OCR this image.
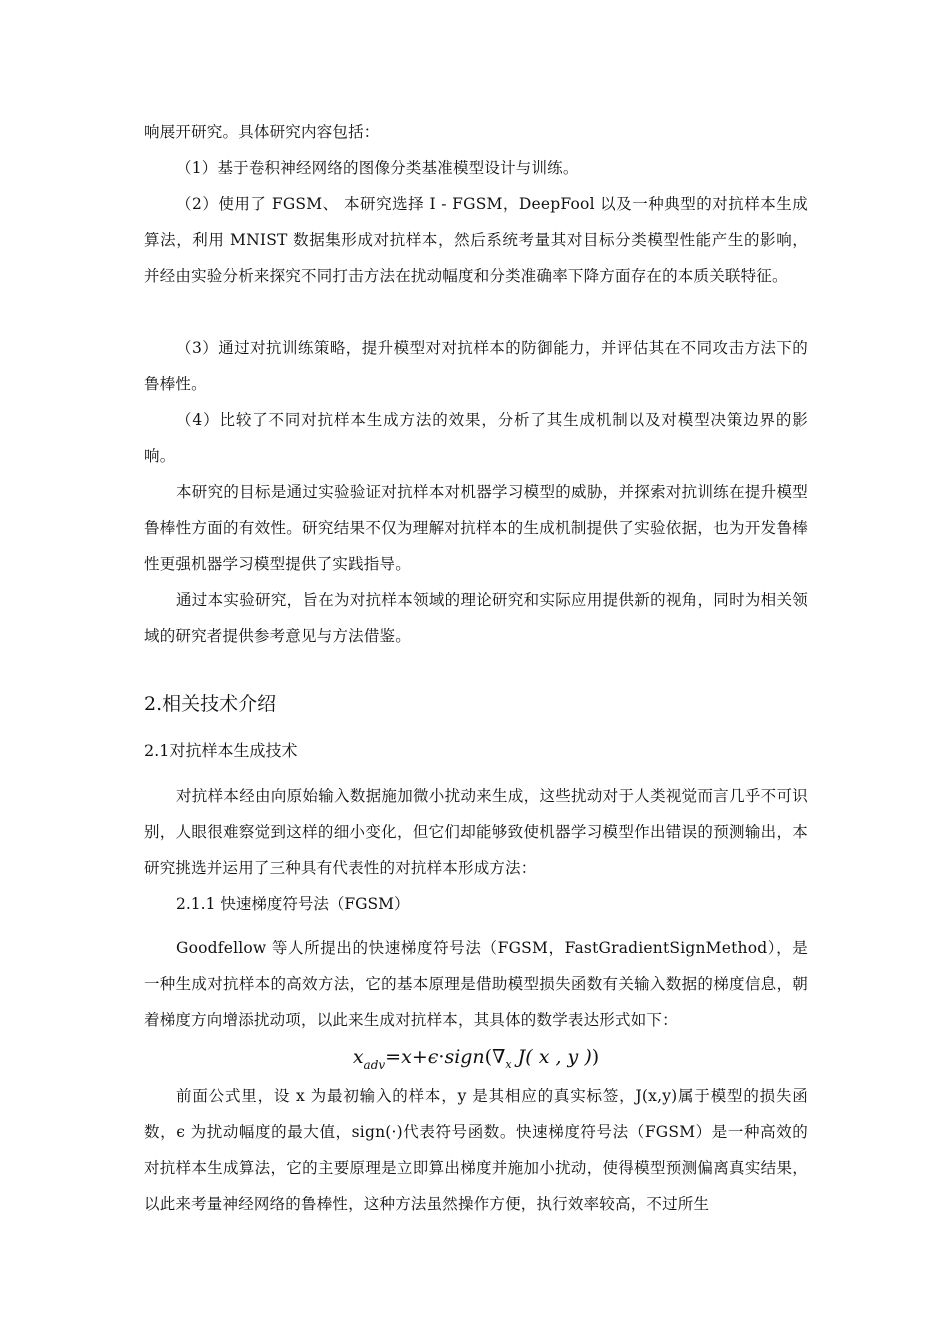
响展开研究。具体研究内容包括：

（1）基于卷积神经网络的图像分类基准模型设计与训练。

（2）使用了 FGSM、 本研究选择 I - FGSM，DeepFool 以及一种典型的对抗样本生成算法，利用 MNIST 数据集形成对抗样本，然后系统考量其对目标分类模型性能产生的影响，并经由实验分析来探究不同打击方法在扰动幅度和分类准确率下降方面存在的本质关联特征。

（3）通过对抗训练策略，提升模型对对抗样本的防御能力，并评估其在不同攻击方法下的鲁棒性。

（4）比较了不同对抗样本生成方法的效果，分析了其生成机制以及对模型决策边界的影响。

本研究的目标是通过实验验证对抗样本对机器学习模型的威胁，并探索对抗训练在提升模型鲁棒性方面的有效性。研究结果不仅为理解对抗样本的生成机制提供了实验依据，也为开发鲁棒性更强机器学习模型提供了实践指导。

通过本实验研究，旨在为对抗样本领域的理论研究和实际应用提供新的视角，同时为相关领域的研究者提供参考意见与方法借鉴。

2.相关技术介绍
2.1对抗样本生成技术

对抗样本经由向原始输入数据施加微小扰动来生成，这些扰动对于人类视觉而言几乎不可识别，人眼很难察觉到这样的细小变化，但它们却能够致使机器学习模型作出错误的预测输出，本研究挑选并运用了三种具有代表性的对抗样本形成方法：

2.1.1 快速梯度符号法（FGSM）

Goodfellow 等人所提出的快速梯度符号法（FGSM，FastGradientSignMethod），是一种生成对抗样本的高效方法，它的基本原理是借助模型损失函数有关输入数据的梯度信息，朝着梯度方向增添扰动项，以此来生成对抗样本，其具体的数学表达形式如下：

$x_{adv}=x+\epsilon\cdot sign(\nabla_x$ J( x , y ))

前面公式里，设 x 为最初输入的样本，y 是其相应的真实标签，J(x,y)属于模型的损失函数，ϵ 为扰动幅度的最大值，sign(·)代表符号函数。快速梯度符号法（FGSM）是一种高效的对抗样本生成算法，它的主要原理是立即算出梯度并施加小扰动，使得模型预测偏离真实结果，以此来考量神经网络的鲁棒性，这种方法虽然操作方便，执行效率较高，不过所生
